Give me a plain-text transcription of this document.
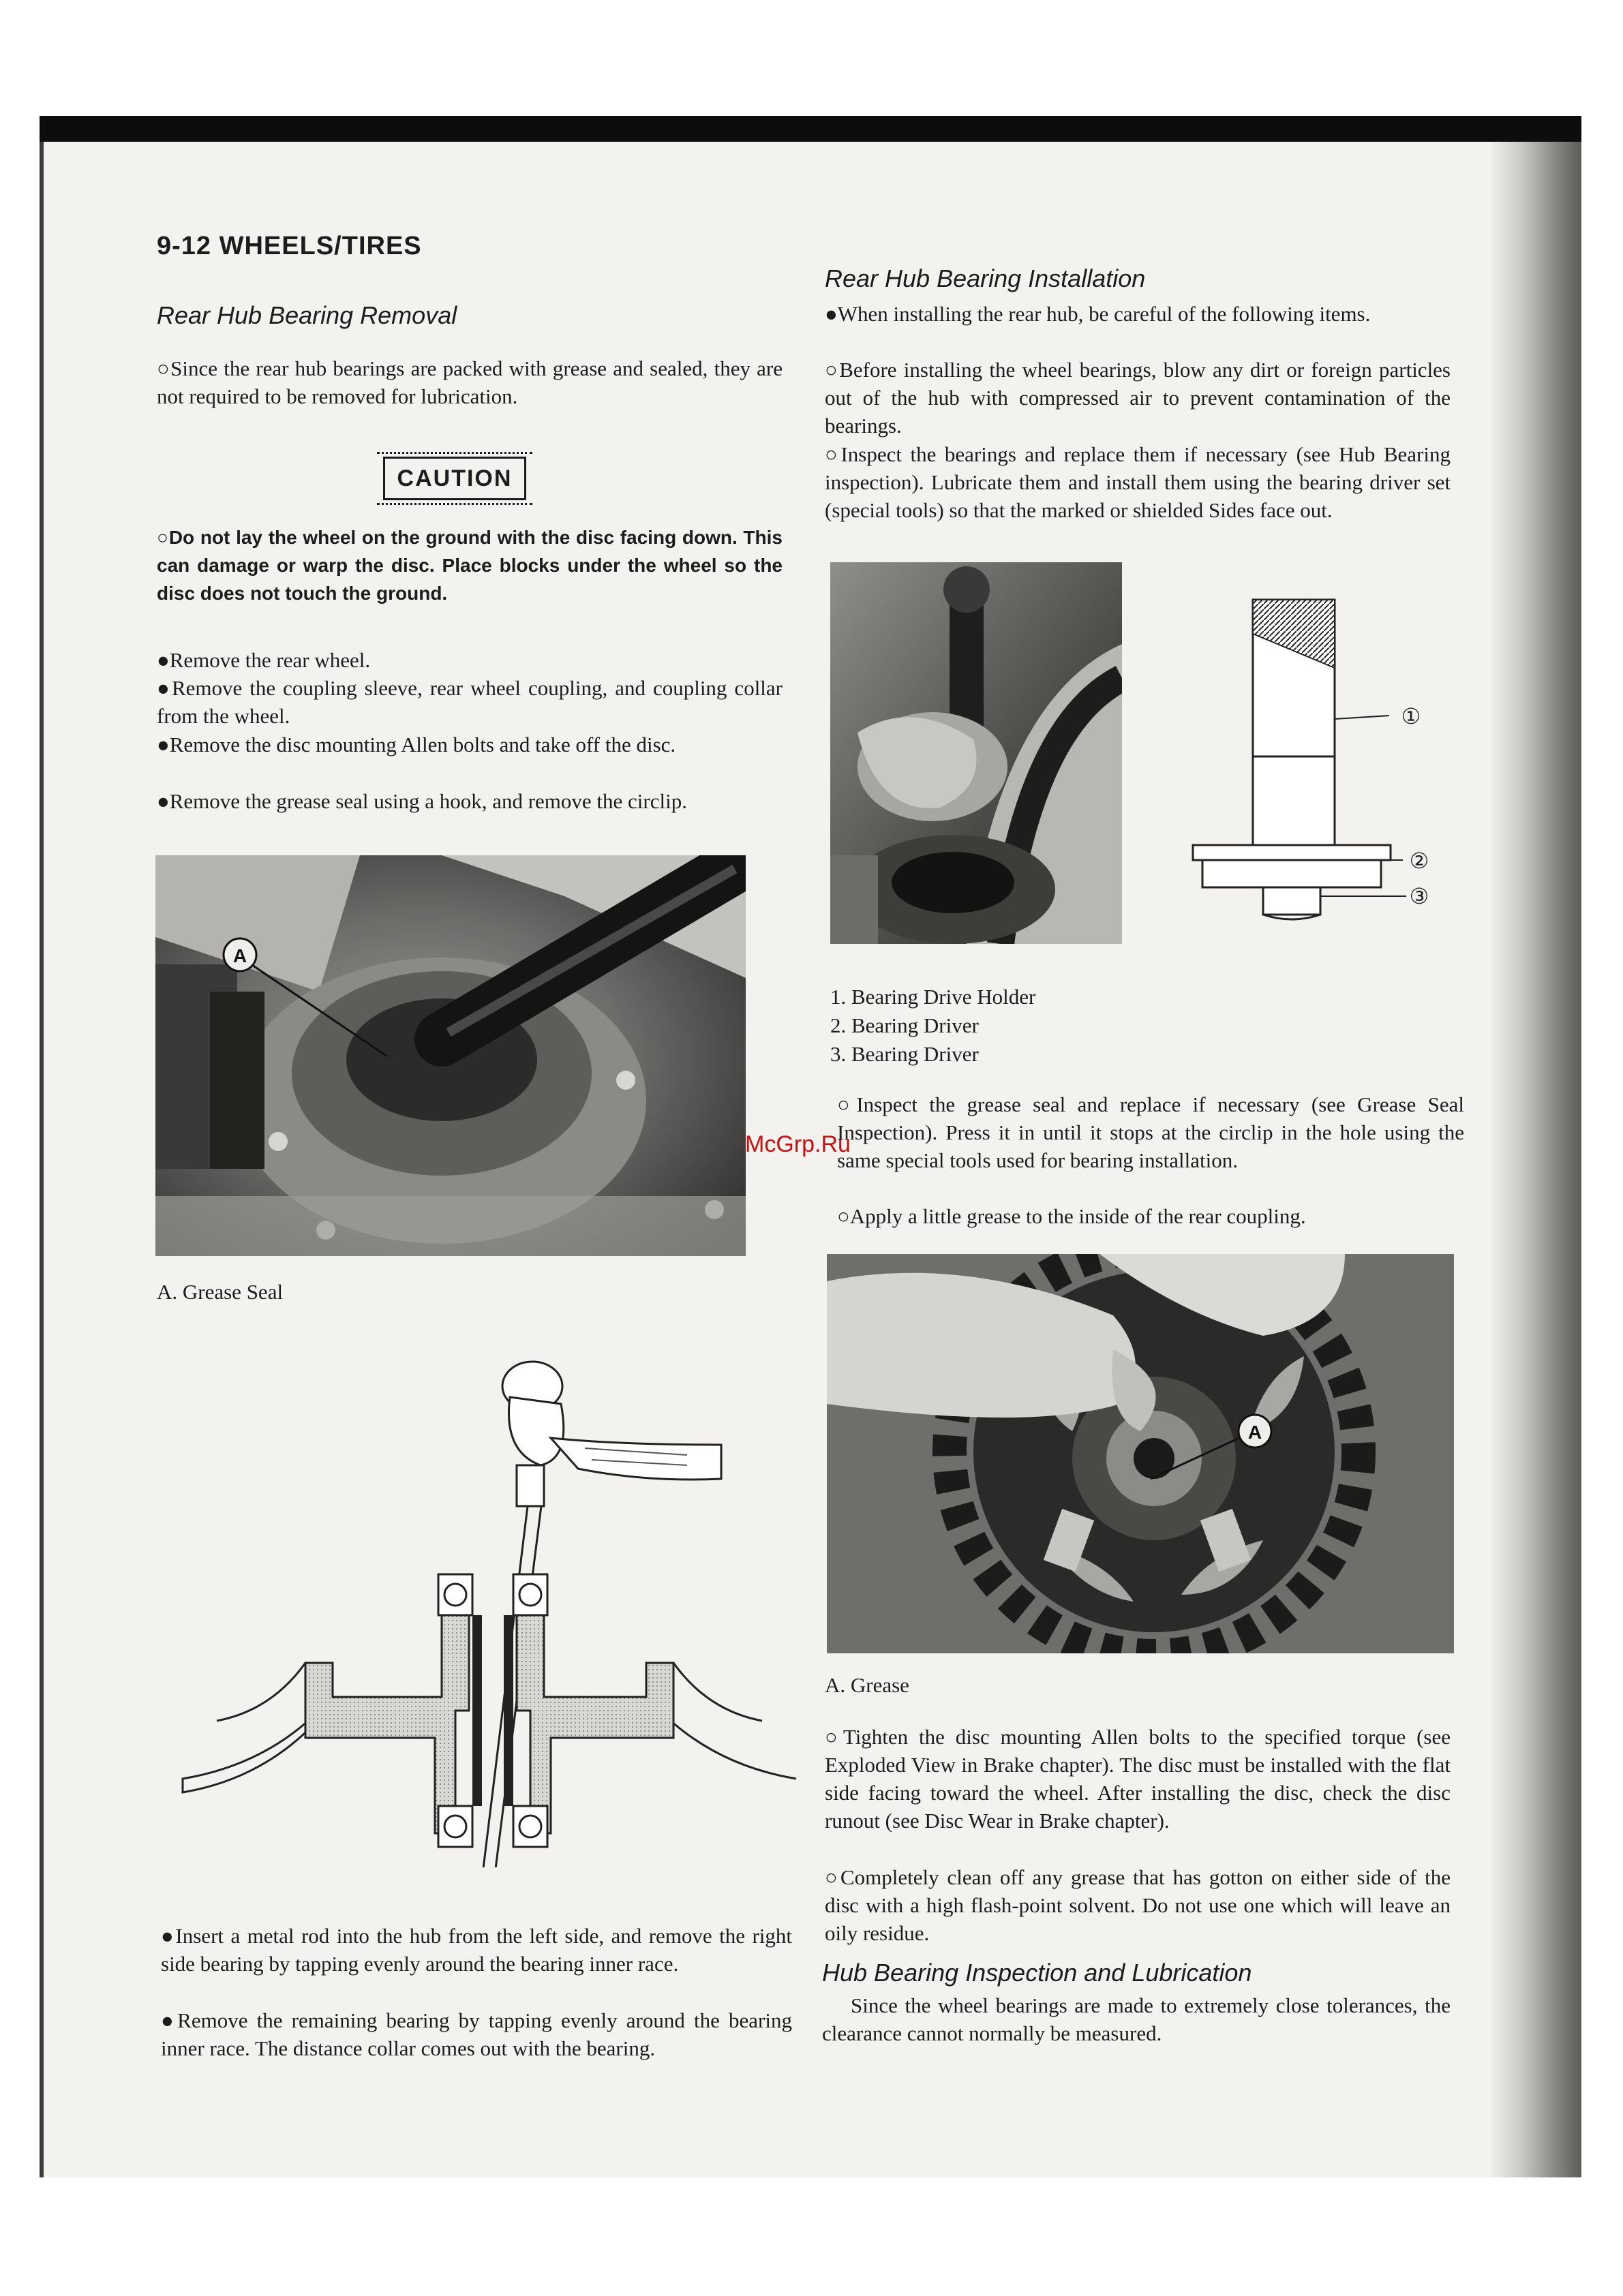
9-12 WHEELS/TIRES
Rear Hub Bearing Removal

○Since the rear hub bearings are packed with grease and sealed, they are not required to be removed for lubrication.

CAUTION

○Do not lay the wheel on the ground with the disc facing down. This can damage or warp the disc. Place blocks under the wheel so the disc does not touch the ground.

●Remove the rear wheel.

●Remove the coupling sleeve, rear wheel coupling, and coupling collar from the wheel.

●Remove the disc mounting Allen bolts and take off the disc.

●Remove the grease seal using a hook, and remove the circlip.

A

A. Grease Seal

●Insert a metal rod into the hub from the left side, and remove the right side bearing by tapping evenly around the bearing inner race.

●Remove the remaining bearing by tapping evenly around the bearing inner race. The distance collar comes out with the bearing.

Rear Hub Bearing Installation

●When installing the rear hub, be careful of the following items.

○Before installing the wheel bearings, blow any dirt or foreign particles out of the hub with compressed air to prevent contamination of the bearings.

○Inspect the bearings and replace them if necessary (see Hub Bearing inspection). Lubricate them and install them using the bearing driver set (special tools) so that the marked or shielded Sides face out.

①
②
③
1. Bearing Drive Holder
2. Bearing Driver
3. Bearing Driver

○Inspect the grease seal and replace if necessary (see Grease Seal Inspection). Press it in until it stops at the circlip in the hole using the same special tools used for bearing installation.

○Apply a little grease to the inside of the rear coupling.

A

A. Grease

○Tighten the disc mounting Allen bolts to the specified torque (see Exploded View in Brake chapter). The disc must be installed with the flat side facing toward the wheel. After installing the disc, check the disc runout (see Disc Wear in Brake chapter).

○Completely clean off any grease that has gotton on either side of the disc with a high flash-point solvent. Do not use one which will leave an oily residue.

Hub Bearing Inspection and Lubrication

Since the wheel bearings are made to extremely close tolerances, the clearance cannot normally be measured.

McGrp.Ru
